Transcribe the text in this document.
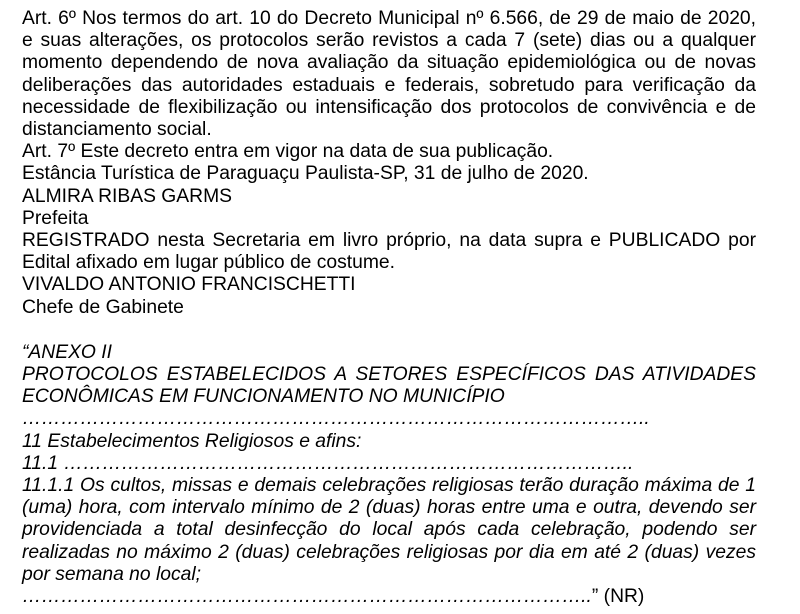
Art. 6º Nos termos do art. 10 do Decreto Municipal nº 6.566, de 29 de maio de 2020, e suas alterações, os protocolos serão revistos a cada 7 (sete) dias ou a qualquer momento dependendo de nova avaliação da situação epidemiológica ou de novas deliberações das autoridades estaduais e federais, sobretudo para verificação da necessidade de flexibilização ou intensificação dos protocolos de convivência e de distanciamento social.

Art. 7º Este decreto entra em vigor na data de sua publicação.

Estância Turística de Paraguaçu Paulista-SP, 31 de julho de 2020.

ALMIRA RIBAS GARMS

Prefeita

REGISTRADO nesta Secretaria em livro próprio, na data supra e PUBLICADO por Edital afixado em lugar público de costume.

VIVALDO ANTONIO FRANCISCHETTI

Chefe de Gabinete

“ANEXO II

PROTOCOLOS ESTABELECIDOS A SETORES ESPECÍFICOS DAS ATIVIDADES ECONÔMICAS EM FUNCIONAMENTO NO MUNICÍPIO

……………………………………………………………………………………..

11 Estabelecimentos Religiosos e afins:

11.1 ……………………………………………………………………………..

11.1.1 Os cultos, missas e demais celebrações religiosas terão duração máxima de 1 (uma) hora, com intervalo mínimo de 2 (duas) horas entre uma e outra, devendo ser providenciada a total desinfecção do local após cada celebração, podendo ser realizadas no máximo 2 (duas) celebrações religiosas por dia em até 2 (duas) vezes por semana no local;

……………………………………………………………………………..” (NR)
